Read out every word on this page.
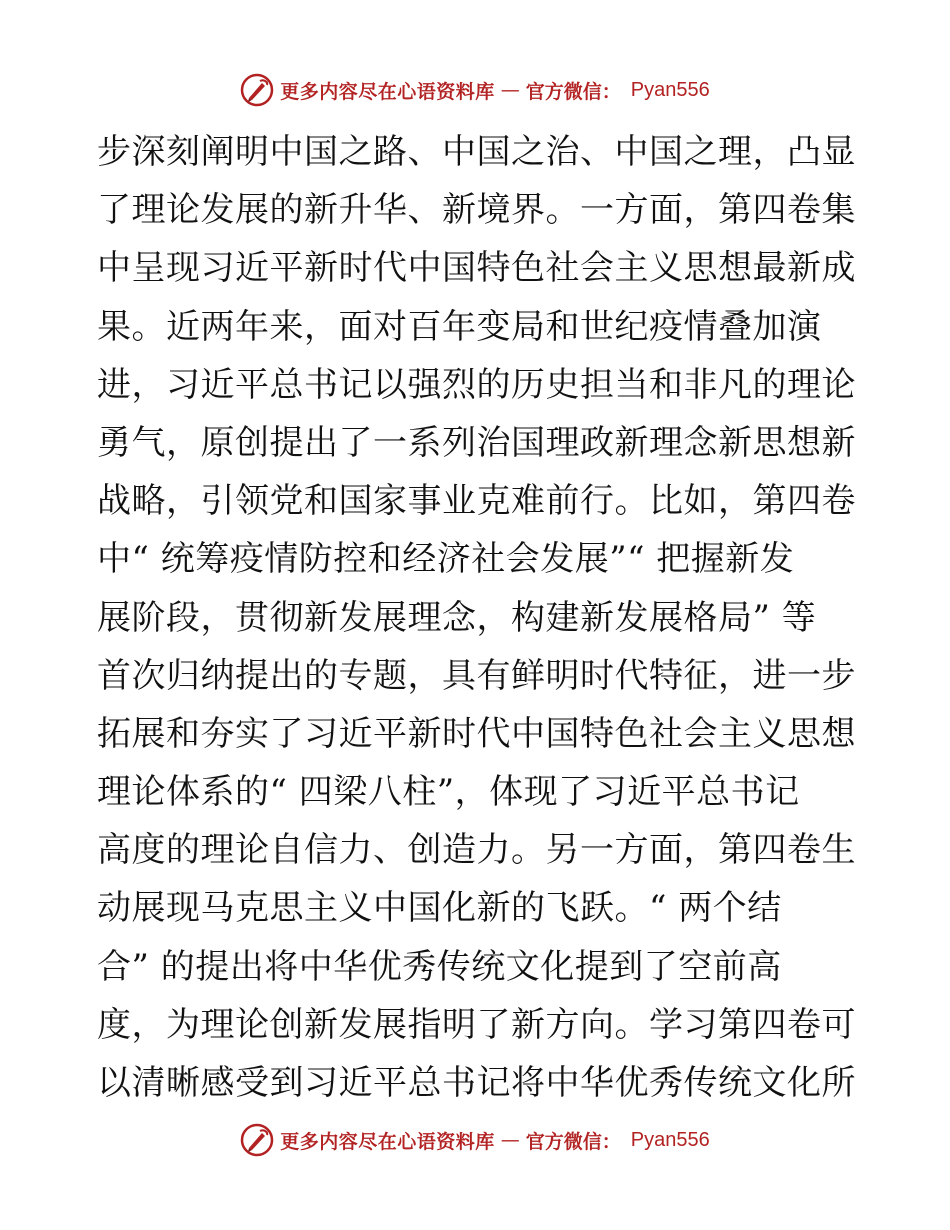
更多内容尽在心语资料库 — 官方微信： Pyan556
步深刻阐明中国之路、中国之治、中国之理，凸显
了理论发展的新升华、新境界。一方面，第四卷集
中呈现习近平新时代中国特色社会主义思想最新成
果。近两年来，面对百年变局和世纪疫情叠加演
进，习近平总书记以强烈的历史担当和非凡的理论
勇气，原创提出了一系列治国理政新理念新思想新
战略，引领党和国家事业克难前行。比如，第四卷
中“ 统筹疫情防控和经济社会发展”“ 把握新发
展阶段，贯彻新发展理念，构建新发展格局” 等
首次归纳提出的专题，具有鲜明时代特征，进一步
拓展和夯实了习近平新时代中国特色社会主义思想
理论体系的“ 四梁八柱”，体现了习近平总书记
高度的理论自信力、创造力。另一方面，第四卷生
动展现马克思主义中国化新的飞跃。“ 两个结
合” 的提出将中华优秀传统文化提到了空前高
度，为理论创新发展指明了新方向。学习第四卷可
以清晰感受到习近平总书记将中华优秀传统文化所
更多内容尽在心语资料库 — 官方微信： Pyan556
